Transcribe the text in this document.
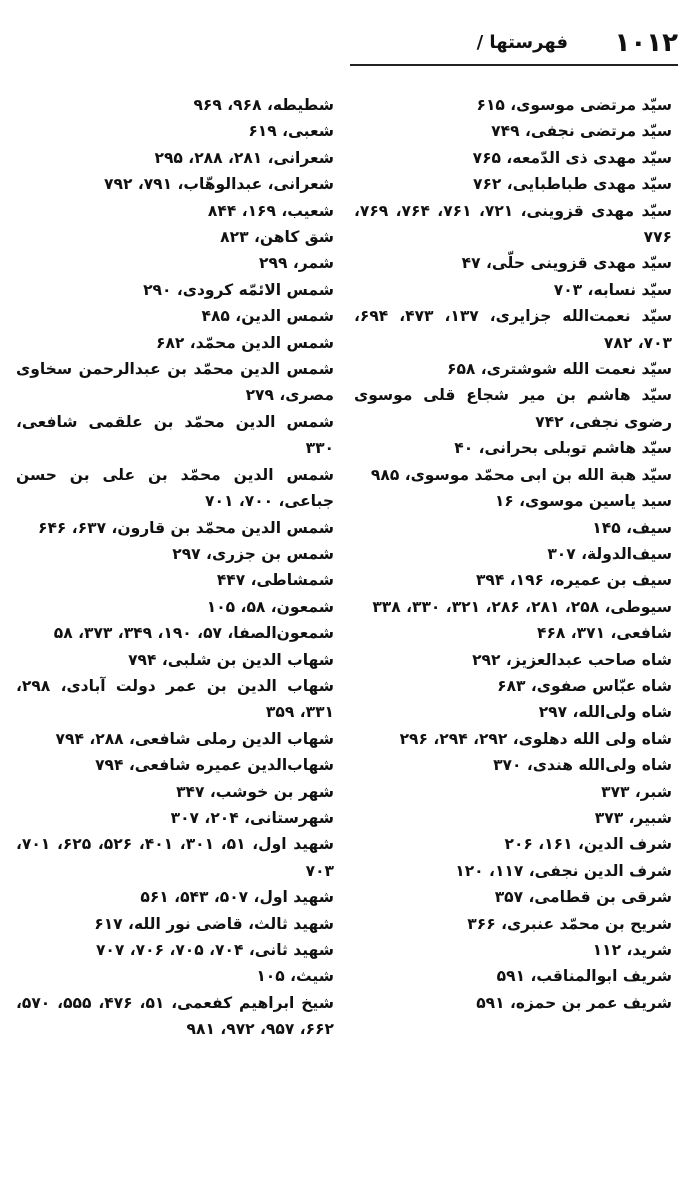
۱۰۱۲
فهرستها /
سیّد مرتضی موسوی، ۶۱۵
سیّد مرتضی نجفی، ۷۴۹
سیّد مهدی ذی الدّمعه، ۷۶۵
سیّد مهدی طباطبایی، ۷۶۲
سیّد مهدی قزوینی، ۷۲۱، ۷۶۱، ۷۶۴، ۷۶۹، ۷۷۶
سیّد مهدی قزوینی حلّی، ۴۷
سیّد نسابه، ۷۰۳
سیّد نعمت‌الله جزایری، ۱۳۷، ۴۷۳، ۶۹۴، ۷۰۳، ۷۸۲
سیّد نعمت الله شوشتری، ۶۵۸
سیّد هاشم بن میر شجاع قلی موسوی رضوی نجفی، ۷۴۲
سیّد هاشم توبلی بحرانی، ۴۰
سیّد هبة الله بن ابی محمّد موسوی، ۹۸۵
سید یاسین موسوی، ۱۶
سیف، ۱۴۵
سیف‌الدولة، ۳۰۷
سیف بن عمیره، ۱۹۶، ۳۹۴
سیوطی، ۲۵۸، ۲۸۱، ۲۸۶، ۳۲۱، ۳۳۰، ۳۳۸
شافعی، ۳۷۱، ۴۶۸
شاه صاحب عبدالعزیز، ۲۹۲
شاه عبّاس صفوی، ۶۸۳
شاه ولی‌الله، ۲۹۷
شاه ولی الله دهلوی، ۲۹۲، ۲۹۴، ۲۹۶
شاه ولی‌الله هندی، ۳۷۰
شبر، ۳۷۳
شبیر، ۳۷۳
شرف الدین، ۱۶۱، ۲۰۶
شرف الدین نجفی، ۱۱۷، ۱۲۰
شرقی بن قطامی، ۳۵۷
شریح بن محمّد عنبری، ۳۶۶
شرید، ۱۱۲
شریف ابوالمناقب، ۵۹۱
شریف عمر بن حمزه، ۵۹۱
شطیطه، ۹۶۸، ۹۶۹
شعبی، ۶۱۹
شعرانی، ۲۸۱، ۲۸۸، ۲۹۵
شعرانی، عبدالوهّاب، ۷۹۱، ۷۹۲
شعیب، ۱۶۹، ۸۴۴
شق کاهن، ۸۲۳
شمر، ۲۹۹
شمس الائمّه کرودی، ۲۹۰
شمس الدین، ۴۸۵
شمس الدین محمّد، ۶۸۲
شمس الدین محمّد بن عبدالرحمن سخاوی مصری، ۲۷۹
شمس الدین محمّد بن علقمی شافعی، ۳۳۰
شمس الدین محمّد بن علی بن حسن جباعی، ۷۰۰، ۷۰۱
شمس الدین محمّد بن قارون، ۶۳۷، ۶۴۶
شمس بن جزری، ۲۹۷
شمشاطی، ۴۴۷
شمعون، ۵۸، ۱۰۵
شمعون‌الصفا، ۵۷، ۱۹۰، ۳۴۹، ۳۷۳، ۵۸
شهاب الدین بن شلبی، ۷۹۴
شهاب الدین بن عمر دولت آبادی، ۲۹۸، ۳۳۱، ۳۵۹
شهاب الدین رملی شافعی، ۲۸۸، ۷۹۴
شهاب‌الدین عمیره شافعی، ۷۹۴
شهر بن خوشب، ۳۴۷
شهرستانی، ۲۰۴، ۳۰۷
شهید اول، ۵۱، ۳۰۱، ۴۰۱، ۵۲۶، ۶۲۵، ۷۰۱، ۷۰۳
شهید اول، ۵۰۷، ۵۴۳، ۵۶۱
شهید ثالث، قاضی نور الله، ۶۱۷
شهید ثانی، ۷۰۴، ۷۰۵، ۷۰۶، ۷۰۷
شیث، ۱۰۵
شیخ ابراهیم کفعمی، ۵۱، ۴۷۶، ۵۵۵، ۵۷۰، ۶۶۲، ۹۵۷، ۹۷۲، ۹۸۱
